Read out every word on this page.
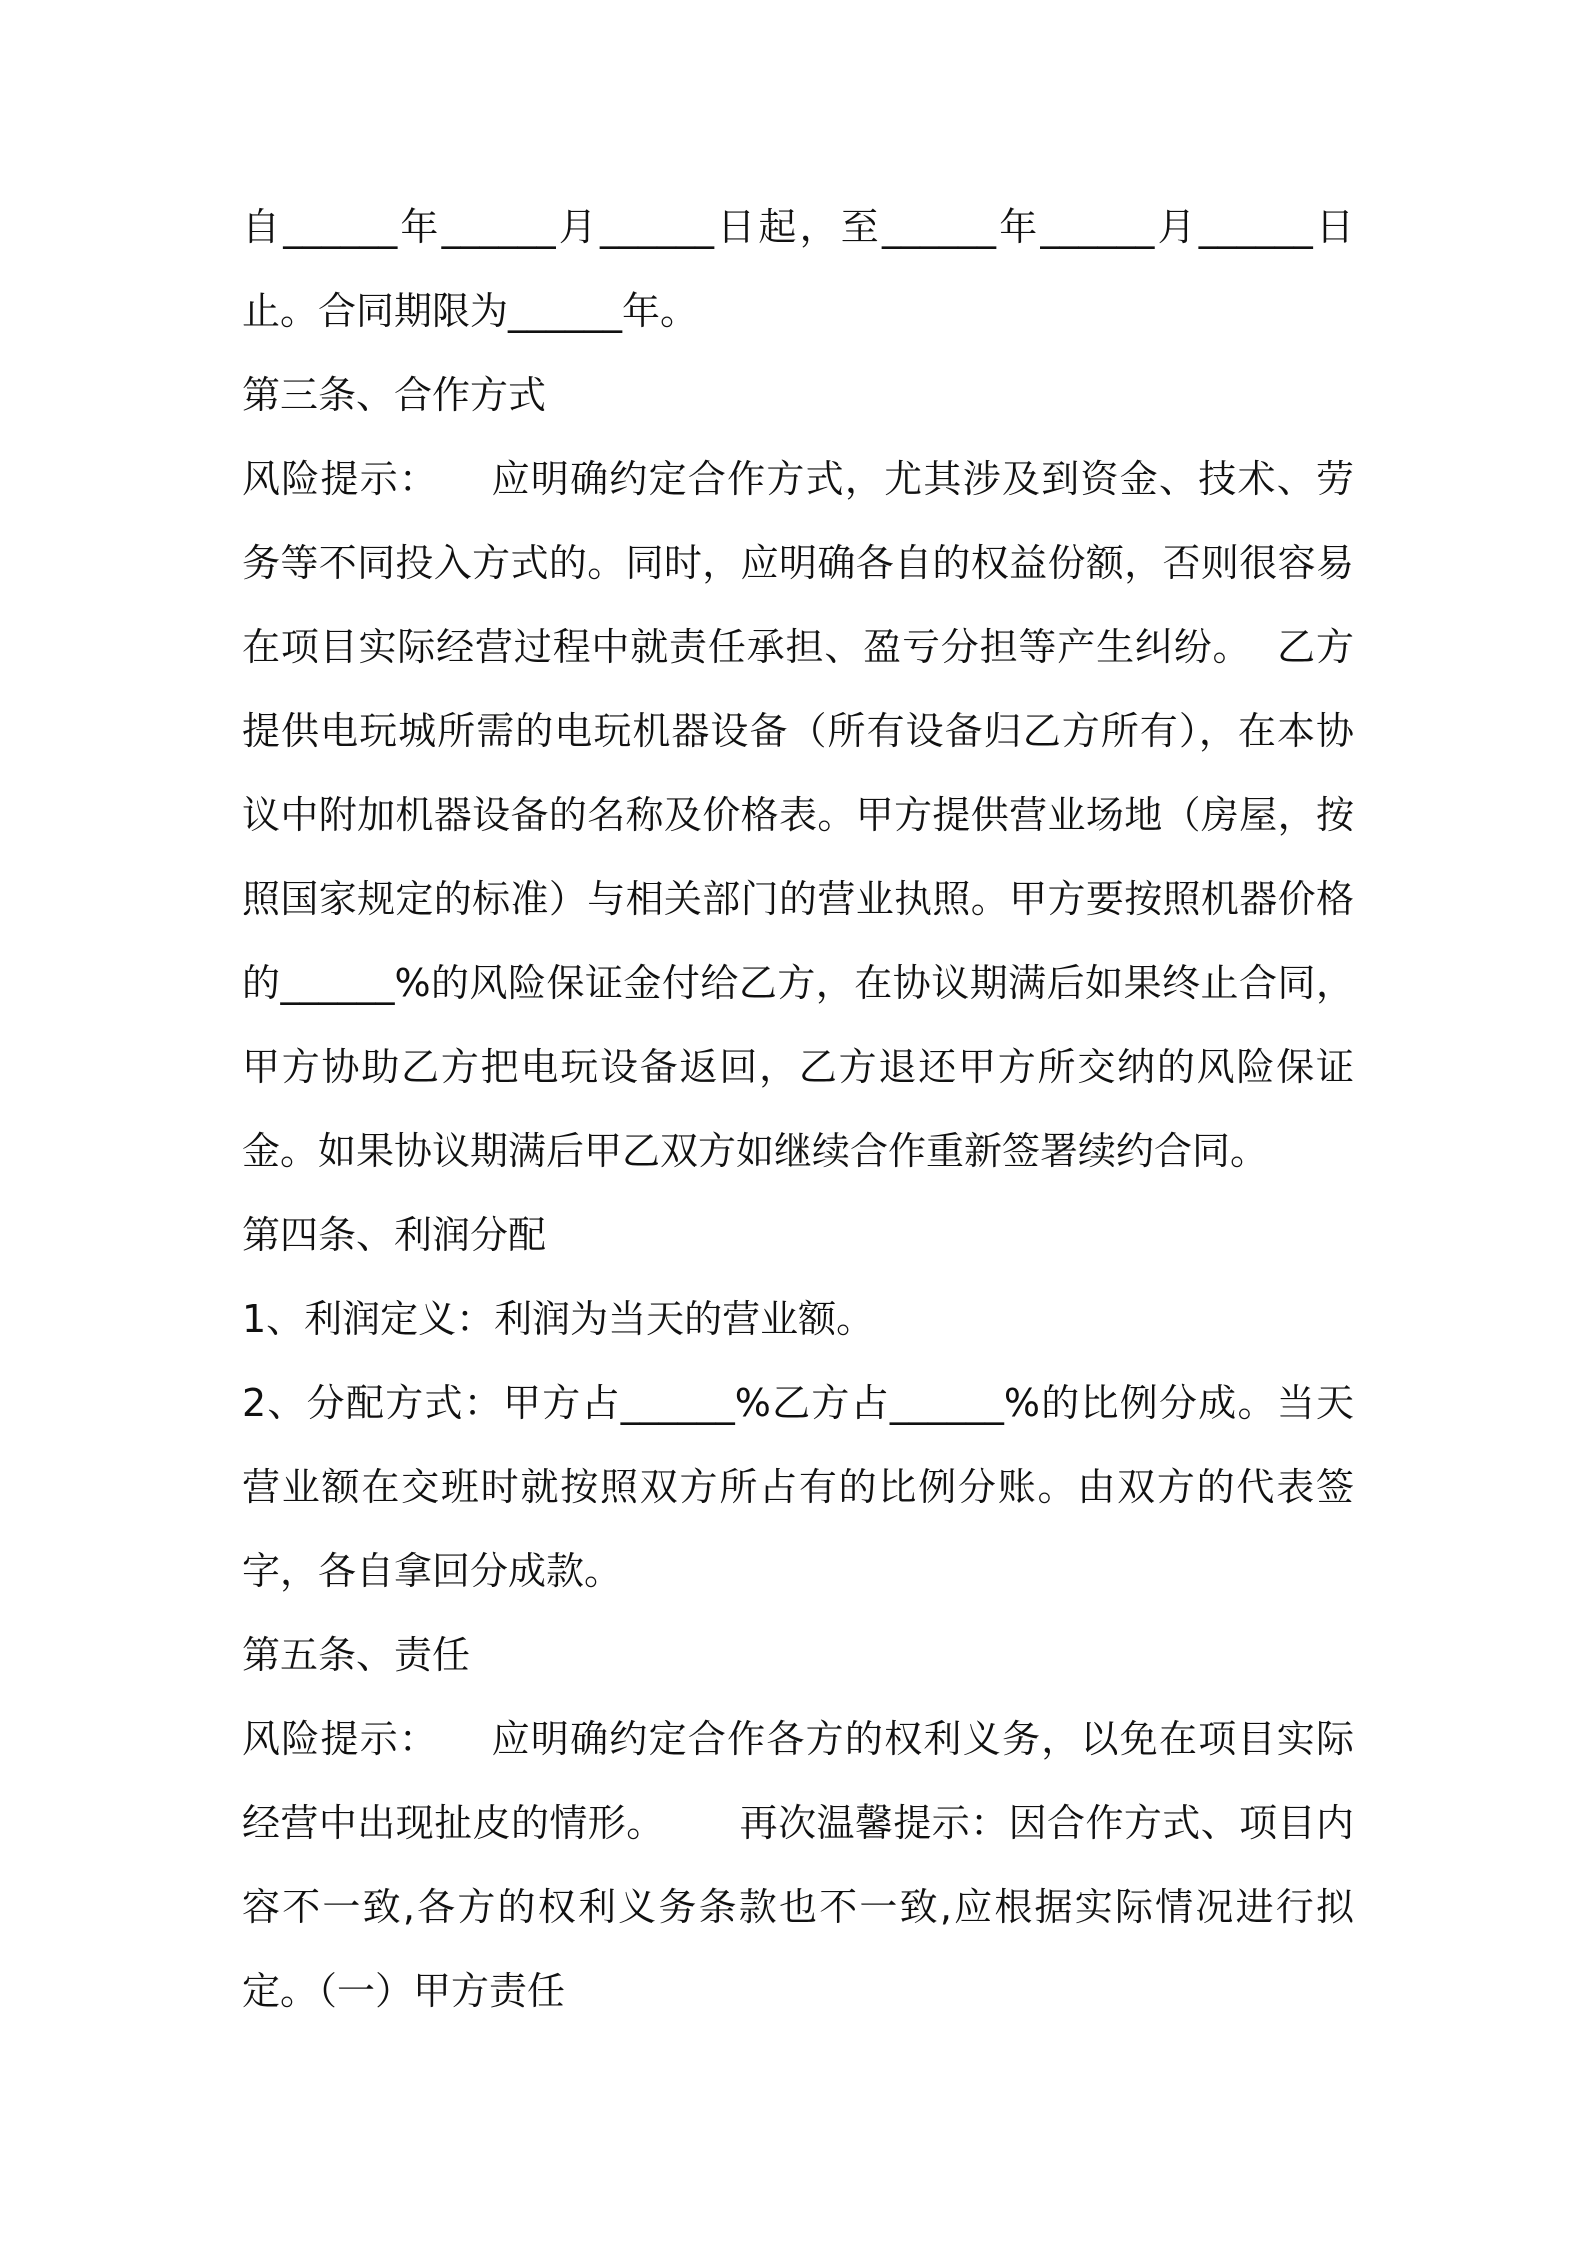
自______年______月______日起，至______年______月______日止。合同期限为______年。

第三条、合作方式

风险提示：    应明确约定合作方式，尤其涉及到资金、技术、劳务等不同投入方式的。同时，应明确各自的权益份额，否则很容易在项目实际经营过程中就责任承担、盈亏分担等产生纠纷。  乙方提供电玩城所需的电玩机器设备（所有设备归乙方所有），在本协议中附加机器设备的名称及价格表。甲方提供营业场地（房屋，按照国家规定的标准）与相关部门的营业执照。甲方要按照机器价格的______%的风险保证金付给乙方，在协议期满后如果终止合同，甲方协助乙方把电玩设备返回，乙方退还甲方所交纳的风险保证金。如果协议期满后甲乙双方如继续合作重新签署续约合同。

第四条、利润分配

1、利润定义：利润为当天的营业额。

2、分配方式：甲方占______%乙方占______%的比例分成。当天营业额在交班时就按照双方所占有的比例分账。由双方的代表签字，各自拿回分成款。

第五条、责任

风险提示：    应明确约定合作各方的权利义务，以免在项目实际经营中出现扯皮的情形。      再次温馨提示：因合作方式、项目内容不一致,各方的权利义务条款也不一致,应根据实际情况进行拟定。（一）甲方责任
